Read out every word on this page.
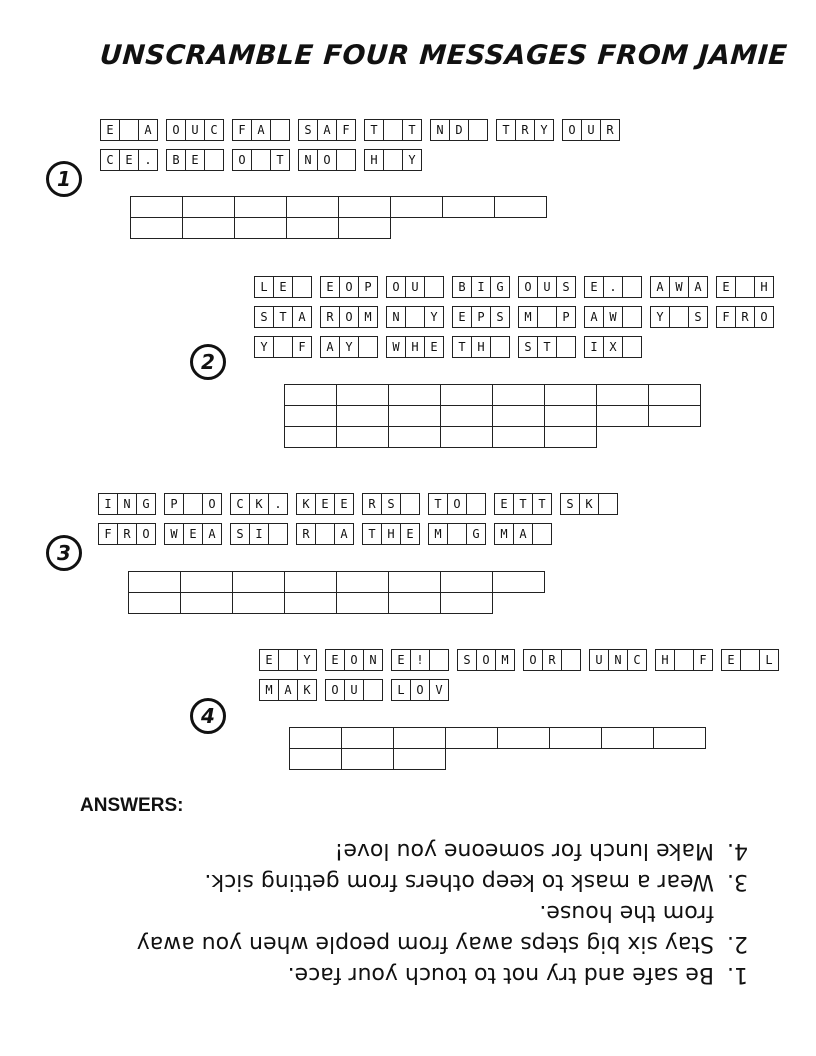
UNSCRAMBLE FOUR MESSAGES FROM JAMIE
1
E	A	O U C	F A	S A F	T	T	N D	T R Y	O U R
C E .	B E	O	T	N O	H	Y
2
L E	E O P	O U	B I G	O U S	E .	A W A	E	H
S T A	R O M	N	Y	E P S	M	P	A W	Y	S	F R O
Y	F	A Y	W H E	T H	S T	I X
3
I N G	P	O	C K .	K E E	R S	T O	E T T	S K
F R O	W E A	S I	R	A	T H E	M	G	M A
4
E	Y	E O N	E !	S O M	O R	U N C	H	F	E	L
M A K	O U	L O V
ANSWERS:
1. Be safe and try not to touch your face.
2. Stay six big steps away from people when you away from the house.
3. Wear a mask to keep others from getting sick.
4. Make lunch for someone you love!
